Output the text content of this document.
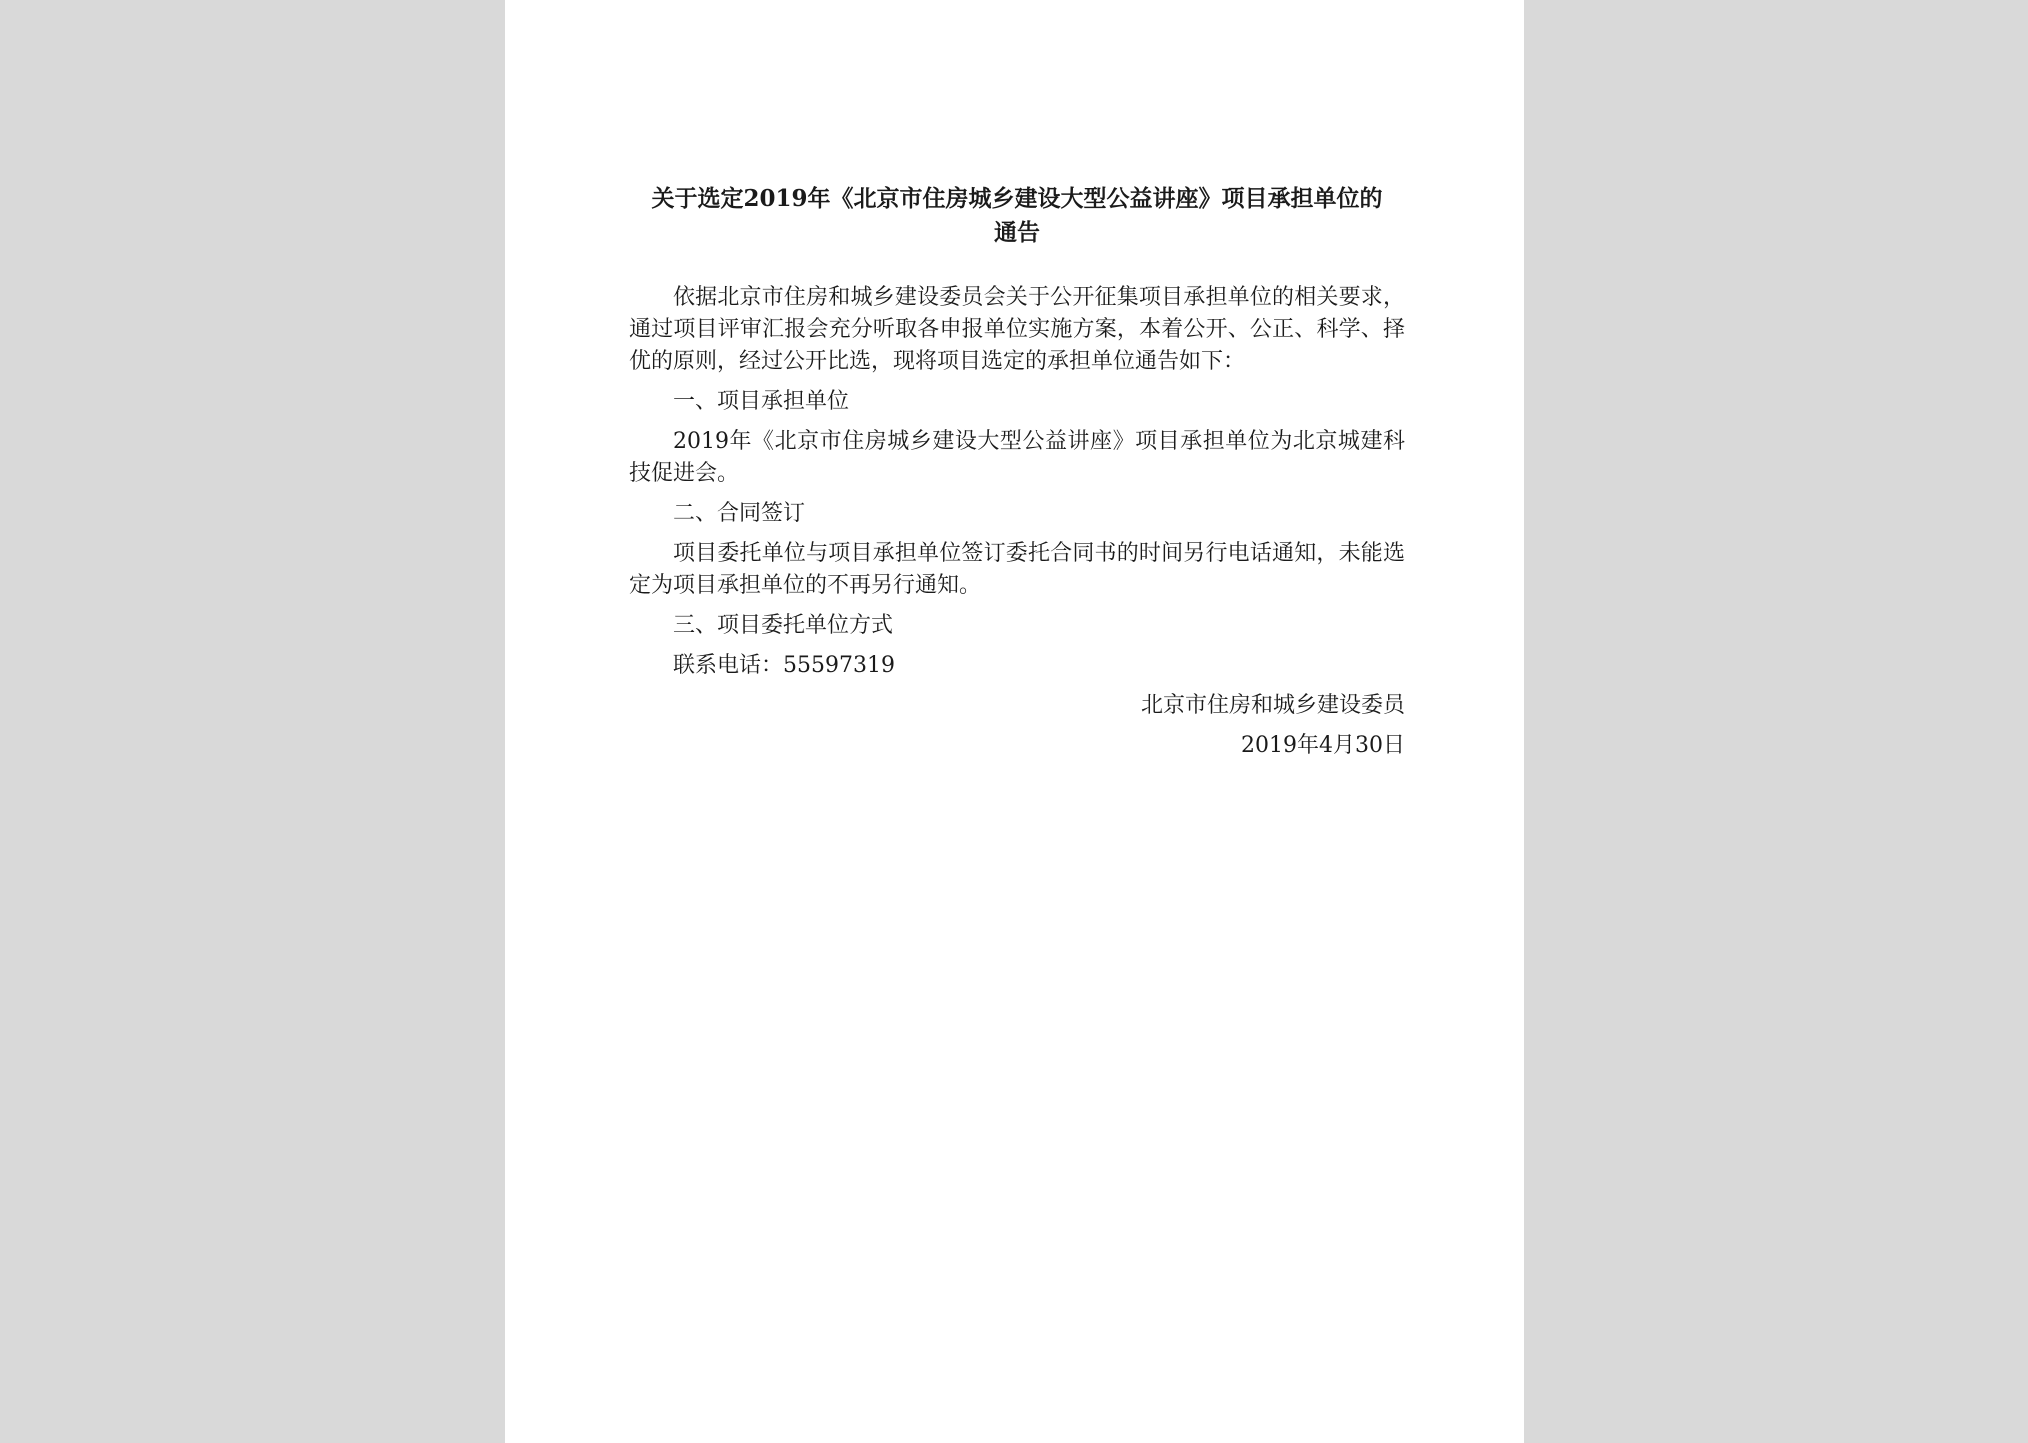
关于选定2019年《北京市住房城乡建设大型公益讲座》项目承担单位的
通告

依据北京市住房和城乡建设委员会关于公开征集项目承担单位的相关要求，通过项目评审汇报会充分听取各申报单位实施方案，本着公开、公正、科学、择优的原则，经过公开比选，现将项目选定的承担单位通告如下：

一、项目承担单位

2019年《北京市住房城乡建设大型公益讲座》项目承担单位为北京城建科技促进会。

二、合同签订

项目委托单位与项目承担单位签订委托合同书的时间另行电话通知，未能选定为项目承担单位的不再另行通知。

三、项目委托单位方式

联系电话：55597319

北京市住房和城乡建设委员

2019年4月30日
